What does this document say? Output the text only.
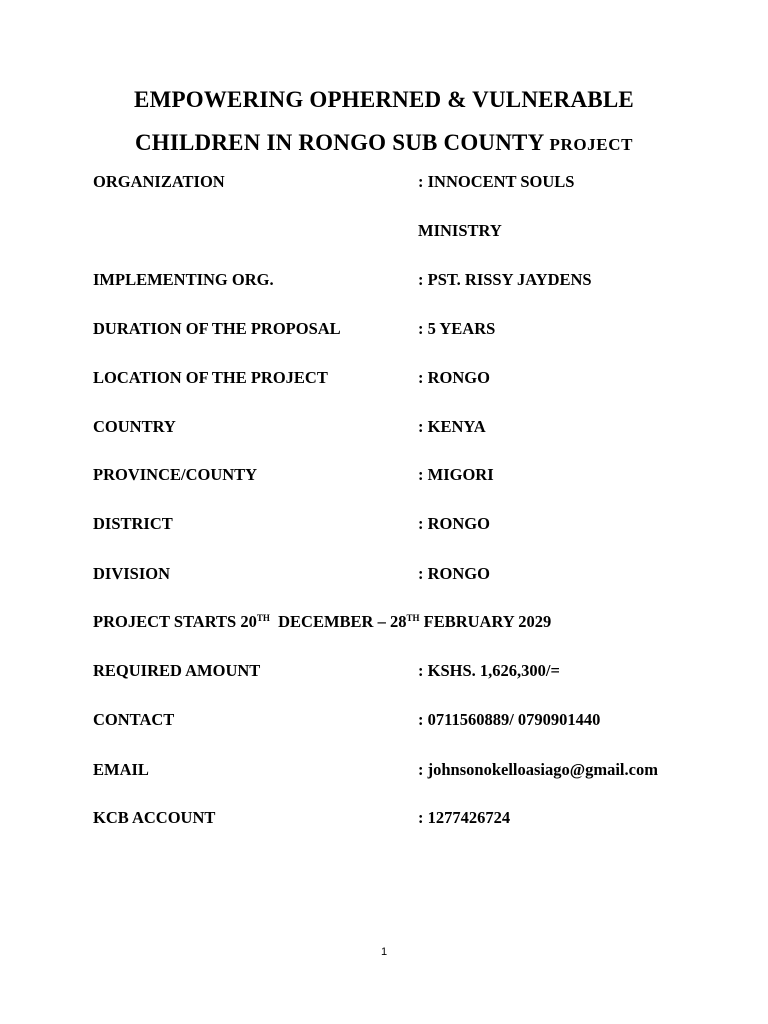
EMPOWERING OPHERNED & VULNERABLE
CHILDREN IN RONGO SUB COUNTY PROJECT
ORGANIZATION	: INNOCENT SOULS
MINISTRY
IMPLEMENTING ORG.	: PST. RISSY JAYDENS
DURATION OF THE PROPOSAL	: 5 YEARS
LOCATION OF THE PROJECT	: RONGO
COUNTRY	: KENYA
PROVINCE/COUNTY	: MIGORI
DISTRICT	: RONGO
DIVISION	: RONGO
PROJECT STARTS 20TH  DECEMBER – 28TH FEBRUARY 2029
REQUIRED AMOUNT	: KSHS. 1,626,300/=
CONTACT	: 0711560889/ 0790901440
EMAIL	: johnsonokelloasiago@gmail.com
KCB ACCOUNT	: 1277426724
1
